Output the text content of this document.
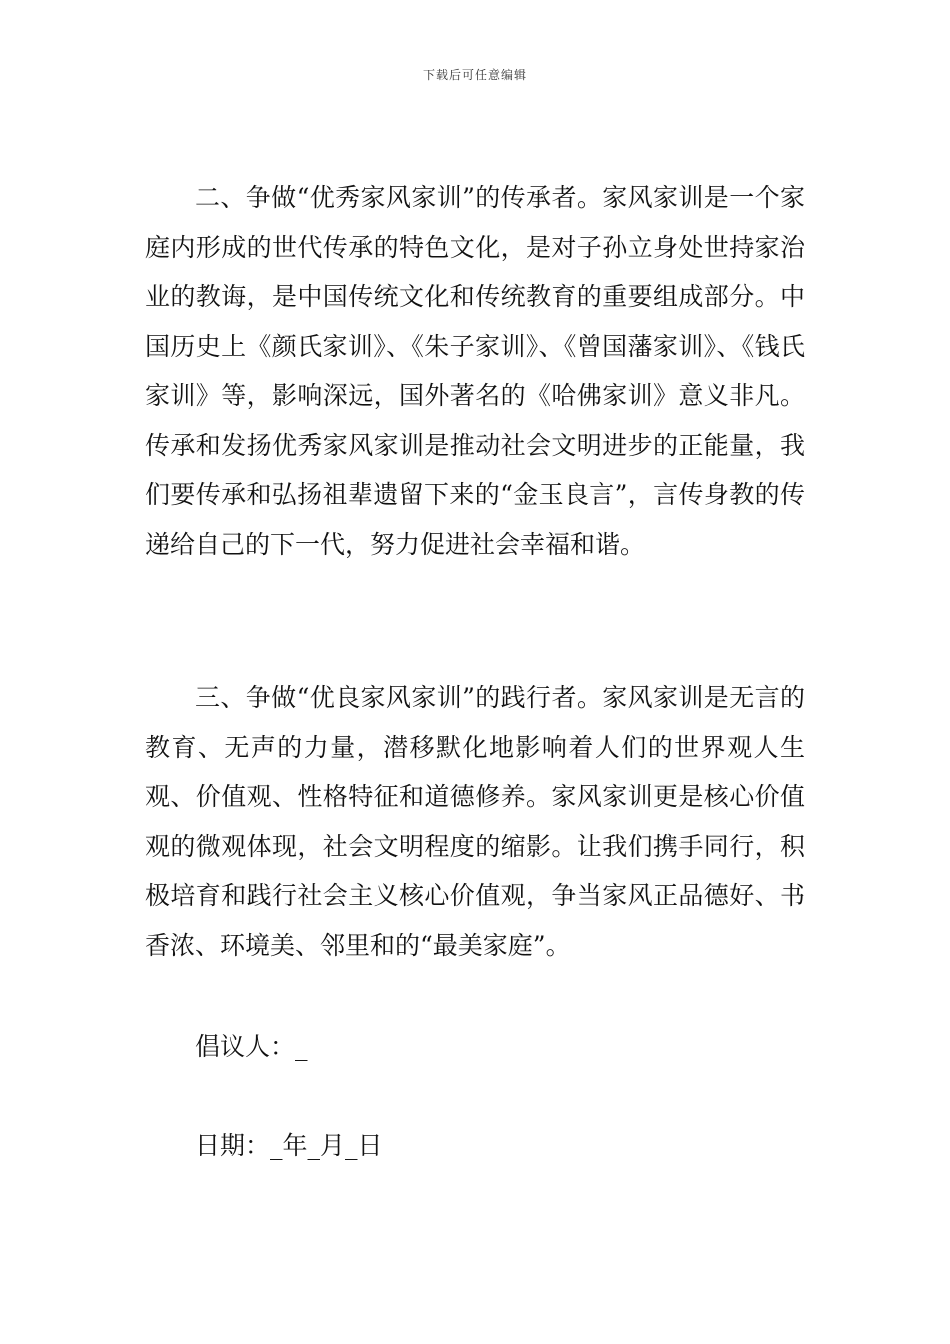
下载后可任意编辑

二、争做“优秀家风家训”的传承者。家风家训是一个家庭内形成的世代传承的特色文化，是对子孙立身处世持家治业的教诲，是中国传统文化和传统教育的重要组成部分。中国历史上《颜氏家训》、《朱子家训》、《曾国藩家训》、《钱氏家训》等，影响深远，国外著名的《哈佛家训》意义非凡。传承和发扬优秀家风家训是推动社会文明进步的正能量，我们要传承和弘扬祖辈遗留下来的“金玉良言”，言传身教的传递给自己的下一代，努力促进社会幸福和谐。

三、争做“优良家风家训”的践行者。家风家训是无言的教育、无声的力量，潜移默化地影响着人们的世界观人生观、价值观、性格特征和道德修养。家风家训更是核心价值观的微观体现，社会文明程度的缩影。让我们携手同行，积极培育和践行社会主义核心价值观，争当家风正品德好、书香浓、环境美、邻里和的“最美家庭”。

倡议人：_

日期：_年_月_日
